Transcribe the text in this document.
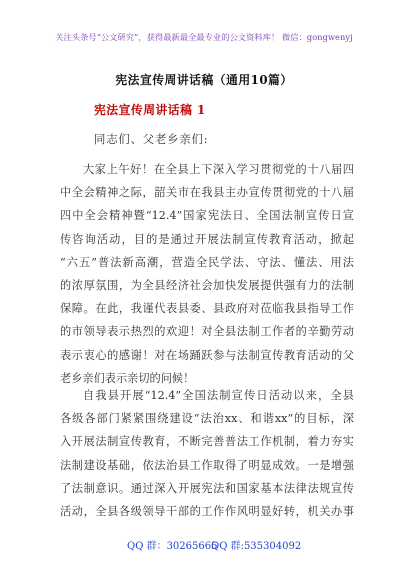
关注头条号“公文研究”，获得最新最全最专业的公文资料库！ 微信：gongwenyj
宪法宣传周讲话稿（通用10篇）
宪法宣传周讲话稿 1
同志们、父老乡亲们:
大家上午好！在全县上下深入学习贯彻党的十八届四
中全会精神之际，韶关市在我县主办宣传贯彻党的十八届
四中全会精神暨“12.4”国家宪法日、全国法制宣传日宣
传咨询活动，目的是通过开展法制宣传教育活动，掀起
“六五”普法新高潮，营造全民学法、守法、懂法、用法
的浓厚氛围，为全县经济社会加快发展提供强有力的法制
保障。在此，我谨代表县委、县政府对莅临我县指导工作
的市领导表示热烈的欢迎！对全县法制工作者的辛勤劳动
表示衷心的感谢！对在场踊跃参与法制宣传教育活动的父
老乡亲们表示亲切的问候！
自我县开展“12.4”全国法制宣传日活动以来，全县
各级各部门紧紧围绕建设“法治xx、和谐xx”的目标，深
入开展法制宣传教育，不断完善普法工作机制，着力夯实
法制建设基础，依法治县工作取得了明显成效。一是增强
了法制意识。通过深入开展宪法和国家基本法律法规宣传
活动，全县各级领导干部的工作作风明显好转，机关办事
QQ 群：30265665
QQ 群:535304092
